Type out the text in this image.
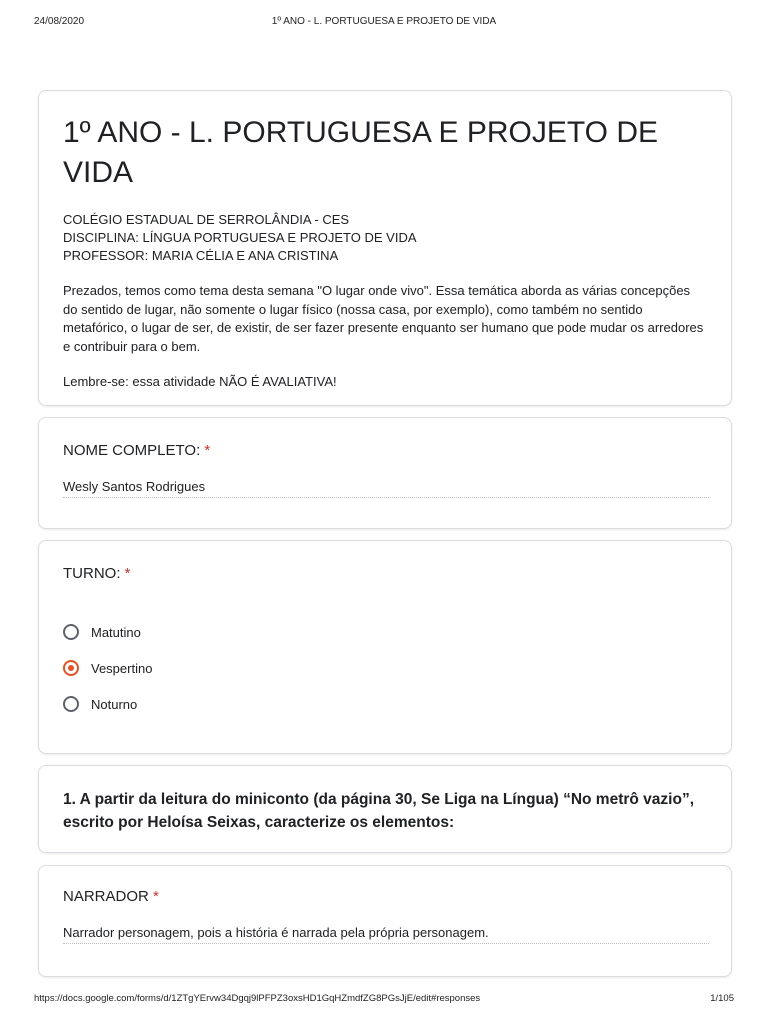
24/08/2020	1º ANO - L. PORTUGUESA E PROJETO DE VIDA
1º ANO - L. PORTUGUESA E PROJETO DE
VIDA
COLÉGIO ESTADUAL DE SERROLÂNDIA - CES
DISCIPLINA: LÍNGUA PORTUGUESA E PROJETO DE VIDA
PROFESSOR: MARIA CÉLIA E ANA CRISTINA
Prezados, temos como tema desta semana "O lugar onde vivo". Essa temática aborda as várias concepções do sentido de lugar, não somente o lugar físico (nossa casa, por exemplo), como também no sentido metafórico, o lugar de ser, de existir, de ser fazer presente enquanto ser humano que pode mudar os arredores e contribuir para o bem.
Lembre-se: essa atividade NÃO É AVALIATIVA!
NOME COMPLETO: *
Wesly Santos Rodrigues
TURNO: *
Matutino
Vespertino
Noturno
1. A partir da leitura do miniconto (da página 30, Se Liga na Língua) “No metrô vazio”, escrito por Heloísa Seixas, caracterize os elementos:
NARRADOR *
Narrador personagem, pois a história é narrada pela própria personagem.
https://docs.google.com/forms/d/1ZTgYErvw34Dgqj9lPFPZ3oxsHD1GqHZmdfZG8PGsJjE/edit#responses	1/105
